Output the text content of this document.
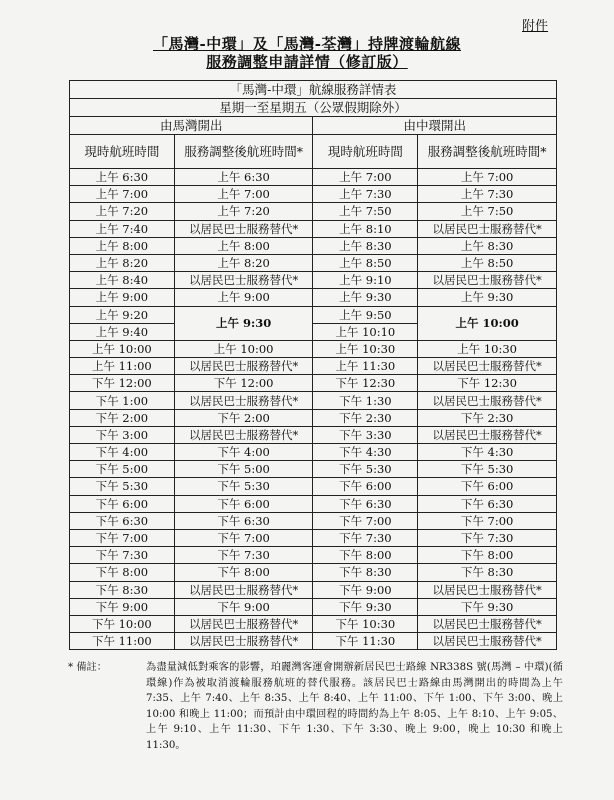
附件
「馬灣-中環」及「馬灣-荃灣」持牌渡輪航線
服務調整申請詳情（修訂版）
「馬灣-中環」航線服務詳情表			
星期一至星期五（公眾假期除外）			
由馬灣開出		由中環開出	
現時航班時間	服務調整後航班時間*	現時航班時間	服務調整後航班時間*
上午 6:30	上午 6:30	上午 7:00	上午 7:00
上午 7:00	上午 7:00	上午 7:30	上午 7:30
上午 7:20	上午 7:20	上午 7:50	上午 7:50
上午 7:40	以居民巴士服務替代*	上午 8:10	以居民巴士服務替代*
上午 8:00	上午 8:00	上午 8:30	上午 8:30
上午 8:20	上午 8:20	上午 8:50	上午 8:50
上午 8:40	以居民巴士服務替代*	上午 9:10	以居民巴士服務替代*
上午 9:00	上午 9:00	上午 9:30	上午 9:30
上午 9:20	上午 9:30	上午 9:50	上午 10:00
上午 9:40		上午 10:10	
上午 10:00	上午 10:00	上午 10:30	上午 10:30
上午 11:00	以居民巴士服務替代*	上午 11:30	以居民巴士服務替代*
下午 12:00	下午 12:00	下午 12:30	下午 12:30
下午 1:00	以居民巴士服務替代*	下午 1:30	以居民巴士服務替代*
下午 2:00	下午 2:00	下午 2:30	下午 2:30
下午 3:00	以居民巴士服務替代*	下午 3:30	以居民巴士服務替代*
下午 4:00	下午 4:00	下午 4:30	下午 4:30
下午 5:00	下午 5:00	下午 5:30	下午 5:30
下午 5:30	下午 5:30	下午 6:00	下午 6:00
下午 6:00	下午 6:00	下午 6:30	下午 6:30
下午 6:30	下午 6:30	下午 7:00	下午 7:00
下午 7:00	下午 7:00	下午 7:30	下午 7:30
下午 7:30	下午 7:30	下午 8:00	下午 8:00
下午 8:00	下午 8:00	下午 8:30	下午 8:30
下午 8:30	以居民巴士服務替代*	下午 9:00	以居民巴士服務替代*
下午 9:00	下午 9:00	下午 9:30	下午 9:30
下午 10:00	以居民巴士服務替代*	下午 10:30	以居民巴士服務替代*
下午 11:00	以居民巴士服務替代*	下午 11:30	以居民巴士服務替代*
* 備註：	為盡量減低對乘客的影響，珀麗灣客運會開辦新居民巴士路線 NR338S 號(馬灣 – 中環)(循環線)作為被取消渡輪服務航班的替代服務。該居民巴士路線由馬灣開出的時間為上午 7:35、上午 7:40、上午 8:35、上午 8:40、上午 11:00、下午 1:00、下午 3:00、晚上 10:00 和晚上 11:00；而預計由中環回程的時間約為上午 8:05、上午 8:10、上午 9:05、上午 9:10、上午 11:30、下午 1:30、下午 3:30、晚上 9:00，晚上 10:30 和晚上 11:30。
